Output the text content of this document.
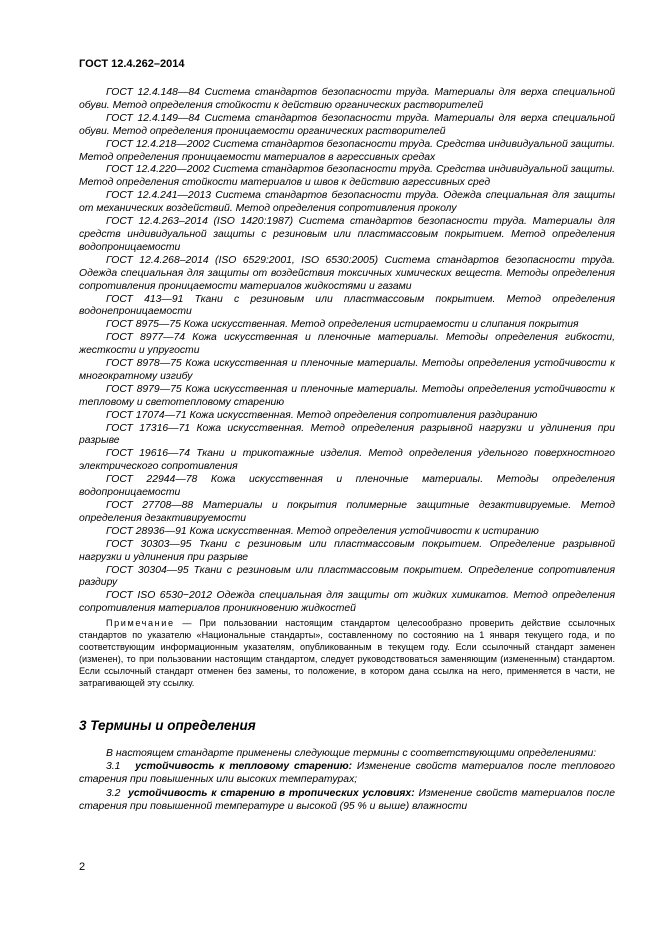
ГОСТ 12.4.262–2014

ГОСТ 12.4.148—84 Система стандартов безопасности труда. Материалы для верха специальной обуви. Метод определения стойкости к действию органических растворителей

ГОСТ 12.4.149—84 Система стандартов безопасности труда. Материалы для верха специальной обуви. Метод определения проницаемости органических растворителей

ГОСТ 12.4.218—2002 Система стандартов безопасности труда. Средства индивидуальной защиты. Метод определения проницаемости материалов в агрессивных средах

ГОСТ 12.4.220—2002 Система стандартов безопасности труда. Средства индивидуальной защиты. Метод определения стойкости материалов и швов к действию агрессивных сред

ГОСТ 12.4.241—2013 Система стандартов безопасности труда. Одежда специальная для защиты от механических воздействий. Метод определения сопротивления проколу

ГОСТ 12.4.263–2014 (ISO 1420:1987) Система стандартов безопасности труда. Материалы для средств индивидуальной защиты с резиновым или пластмассовым покрытием. Метод определения водопроницаемости

ГОСТ 12.4.268–2014 (ISO 6529:2001, ISO 6530:2005) Система стандартов безопасности труда. Одежда специальная для защиты от воздействия токсичных химических веществ. Методы определения сопротивления проницаемости материалов жидкостями и газами

ГОСТ 413—91 Ткани с резиновым или пластмассовым покрытием. Метод определения водонепроницаемости

ГОСТ 8975—75 Кожа искусственная. Метод определения истираемости и слипания покрытия

ГОСТ 8977—74 Кожа искусственная и пленочные материалы. Методы определения гибкости, жесткости и упругости

ГОСТ 8978—75 Кожа искусственная и пленочные материалы. Методы определения устойчивости к многократному изгибу

ГОСТ 8979—75 Кожа искусственная и пленочные материалы. Методы определения устойчивости к тепловому и светотепловому старению

ГОСТ 17074—71 Кожа искусственная. Метод определения сопротивления раздиранию

ГОСТ 17316—71 Кожа искусственная. Метод определения разрывной нагрузки и удлинения при разрыве

ГОСТ 19616—74 Ткани и трикотажные изделия. Метод определения удельного поверхностного электрического сопротивления

ГОСТ 22944—78 Кожа искусственная и пленочные материалы. Методы определения водопроницаемости

ГОСТ 27708—88 Материалы и покрытия полимерные защитные дезактивируемые. Метод определения дезактивируемости

ГОСТ 28936—91 Кожа искусственная. Метод определения устойчивости к истиранию

ГОСТ 30303—95 Ткани с резиновым или пластмассовым покрытием. Определение разрывной нагрузки и удлинения при разрыве

ГОСТ 30304—95 Ткани с резиновым или пластмассовым покрытием. Определение сопротивления раздиру

ГОСТ ISO 6530−2012 Одежда специальная для защиты от жидких химикатов. Метод определения сопротивления материалов проникновению жидкостей

Примечание — При пользовании настоящим стандартом целесообразно проверить действие ссылочных стандартов по указателю «Национальные стандарты», составленному по состоянию на 1 января текущего года, и по соответствующим информационным указателям, опубликованным в текущем году. Если ссылочный стандарт заменен (изменен), то при пользовании настоящим стандартом, следует руководствоваться заменяющим (измененным) стандартом. Если ссылочный стандарт отменен без замены, то положение, в котором дана ссылка на него, применяется в части, не затрагивающей эту ссылку.

3 Термины и определения

В настоящем стандарте применены следующие термины с соответствующими определениями:

3.1 устойчивость к тепловому старению: Изменение свойств материалов после теплового старения при повышенных или высоких температурах;

3.2 устойчивость к старению в тропических условиях: Изменение свойств материалов после старения при повышенной температуре и высокой (95 % и выше) влажности

2
